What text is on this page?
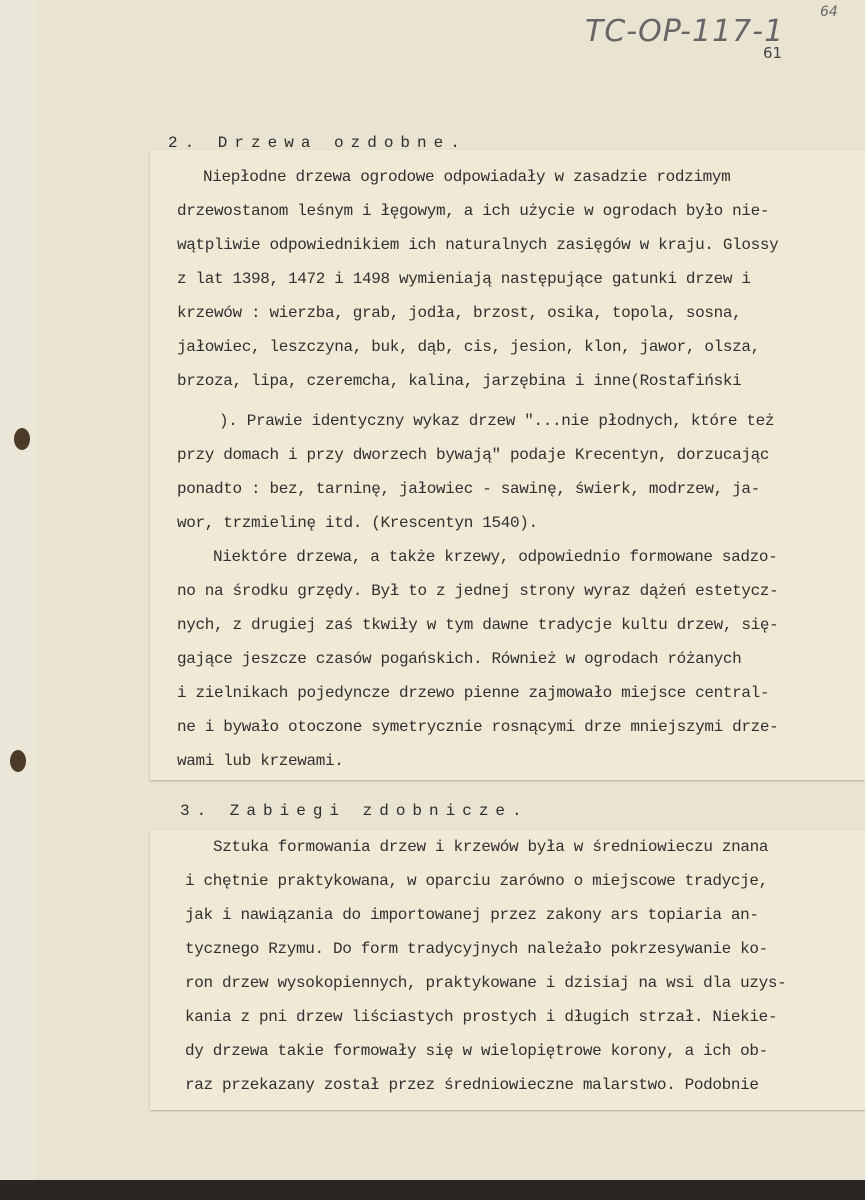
TC-OP-117-1
64
61
2. Drzewa ozdobne.
Niepłodne drzewa ogrodowe odpowiadały w zasadzie rodzimym
drzewostanom leśnym i łęgowym, a ich użycie w ogrodach było nie-
wątpliwie odpowiednikiem ich naturalnych zasięgów w kraju. Glossy
z lat 1398, 1472 i 1498 wymieniają następujące gatunki drzew i
krzewów : wierzba, grab, jodła, brzost, osika, topola, sosna,
jałowiec, leszczyna, buk, dąb, cis, jesion, klon, jawor, olsza,
brzoza, lipa, czeremcha, kalina, jarzębina i inne(Rostafiński
). Prawie identyczny wykaz drzew "...nie płodnych, które też
przy domach i przy dworzech bywają" podaje Krecentyn, dorzucając
ponadto : bez, tarninę, jałowiec - sawinę, świerk, modrzew, ja-
wor, trzmielinę itd. (Krescentyn 1540).
Niektóre drzewa, a także krzewy, odpowiednio formowane sadzo-
no na środku grzędy. Był to z jednej strony wyraz dążeń estetycz-
nych, z drugiej zaś tkwiły w tym dawne tradycje kultu drzew, się-
gające jeszcze czasów pogańskich. Również w ogrodach różanych
i zielnikach pojedyncze drzewo pienne zajmowało miejsce central-
ne i bywało otoczone symetrycznie rosnącymi drze mniejszymi drze-
wami lub krzewami.
3. Zabiegi zdobnicze.
Sztuka formowania drzew i krzewów była w średniowieczu znana
i chętnie praktykowana, w oparciu zarówno o miejscowe tradycje,
jak i nawiązania do importowanej przez zakony ars topiaria an-
tycznego Rzymu. Do form tradycyjnych należało pokrzesywanie ko-
ron drzew wysokopiennych, praktykowane i dzisiaj na wsi dla uzys-
kania z pni drzew liściastych prostych i długich strzał. Niekie-
dy drzewa takie formowały się w wielopiętrowe korony, a ich ob-
raz przekazany został przez średniowieczne malarstwo. Podobnie
